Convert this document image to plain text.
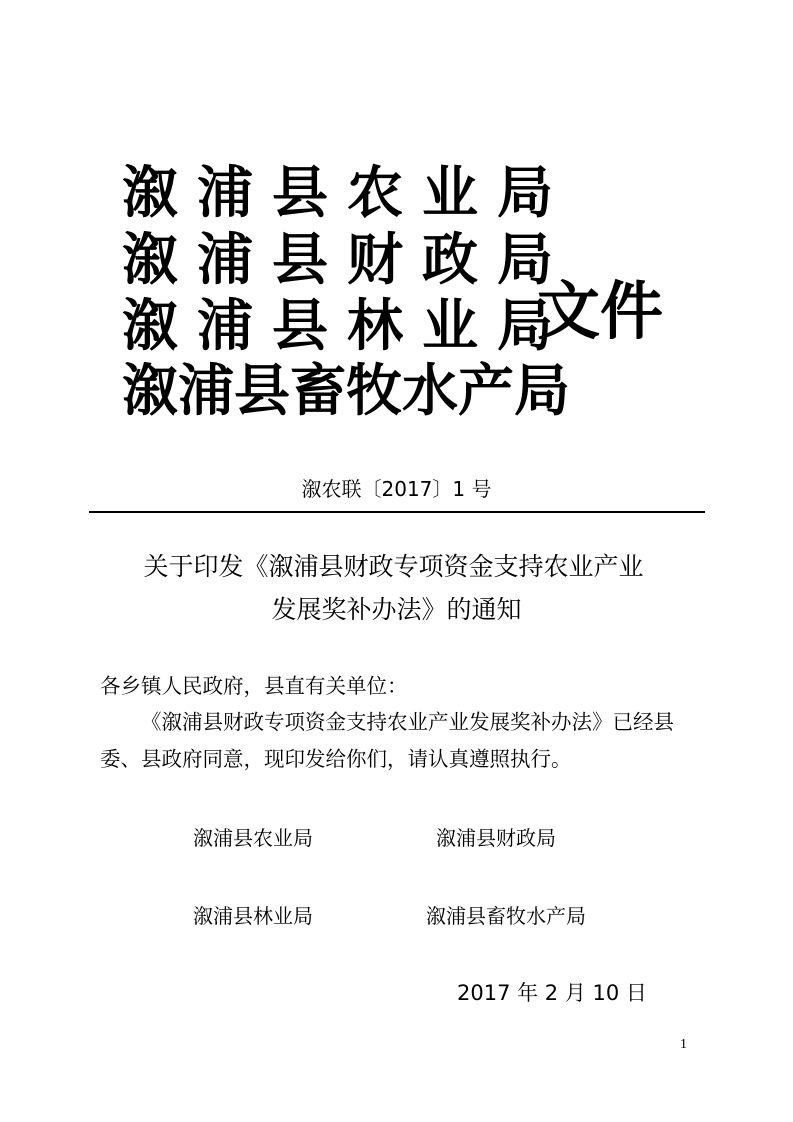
溆浦县农业局
溆浦县财政局
溆浦县林业局
溆浦县畜牧水产局
文件
溆农联〔2017〕1 号
关于印发《溆浦县财政专项资金支持农业产业
发展奖补办法》的通知
各乡镇人民政府，县直有关单位：
《溆浦县财政专项资金支持农业产业发展奖补办法》已经县
委、县政府同意，现印发给你们，请认真遵照执行。
溆浦县农业局	溆浦县财政局
溆浦县林业局	溆浦县畜牧水产局
2017 年 2 月 10 日
1
